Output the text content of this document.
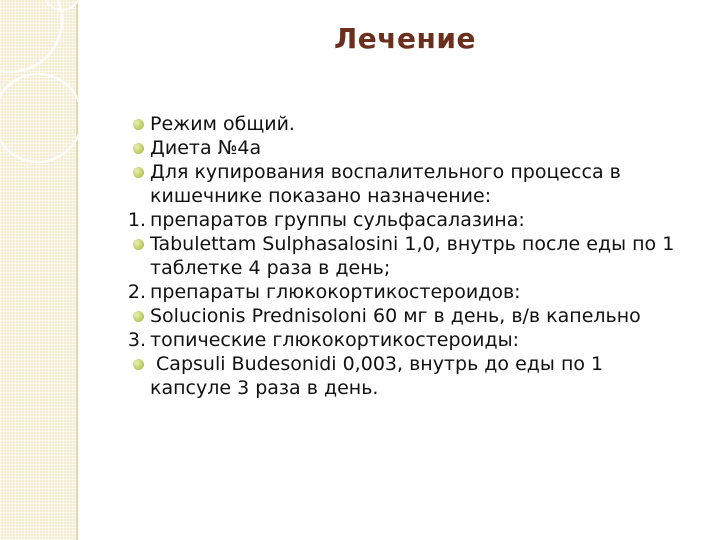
Лечение
Режим общий.
Диета №4а
Для купирования воспалительного процесса в
кишечнике показано назначение:
1. препаратов группы сульфасалазина:
Tabulettam Sulphasalosini 1,0, внутрь после еды по 1
таблетке 4 раза в день;
2. препараты глюкокортикостероидов:
Solucionis Prednisoloni 60 мг в день, в/в капельно
3. топические глюкокортикостероиды:
Capsuli Budesonidi 0,003, внутрь до еды по 1
капсуле 3 раза в день.
